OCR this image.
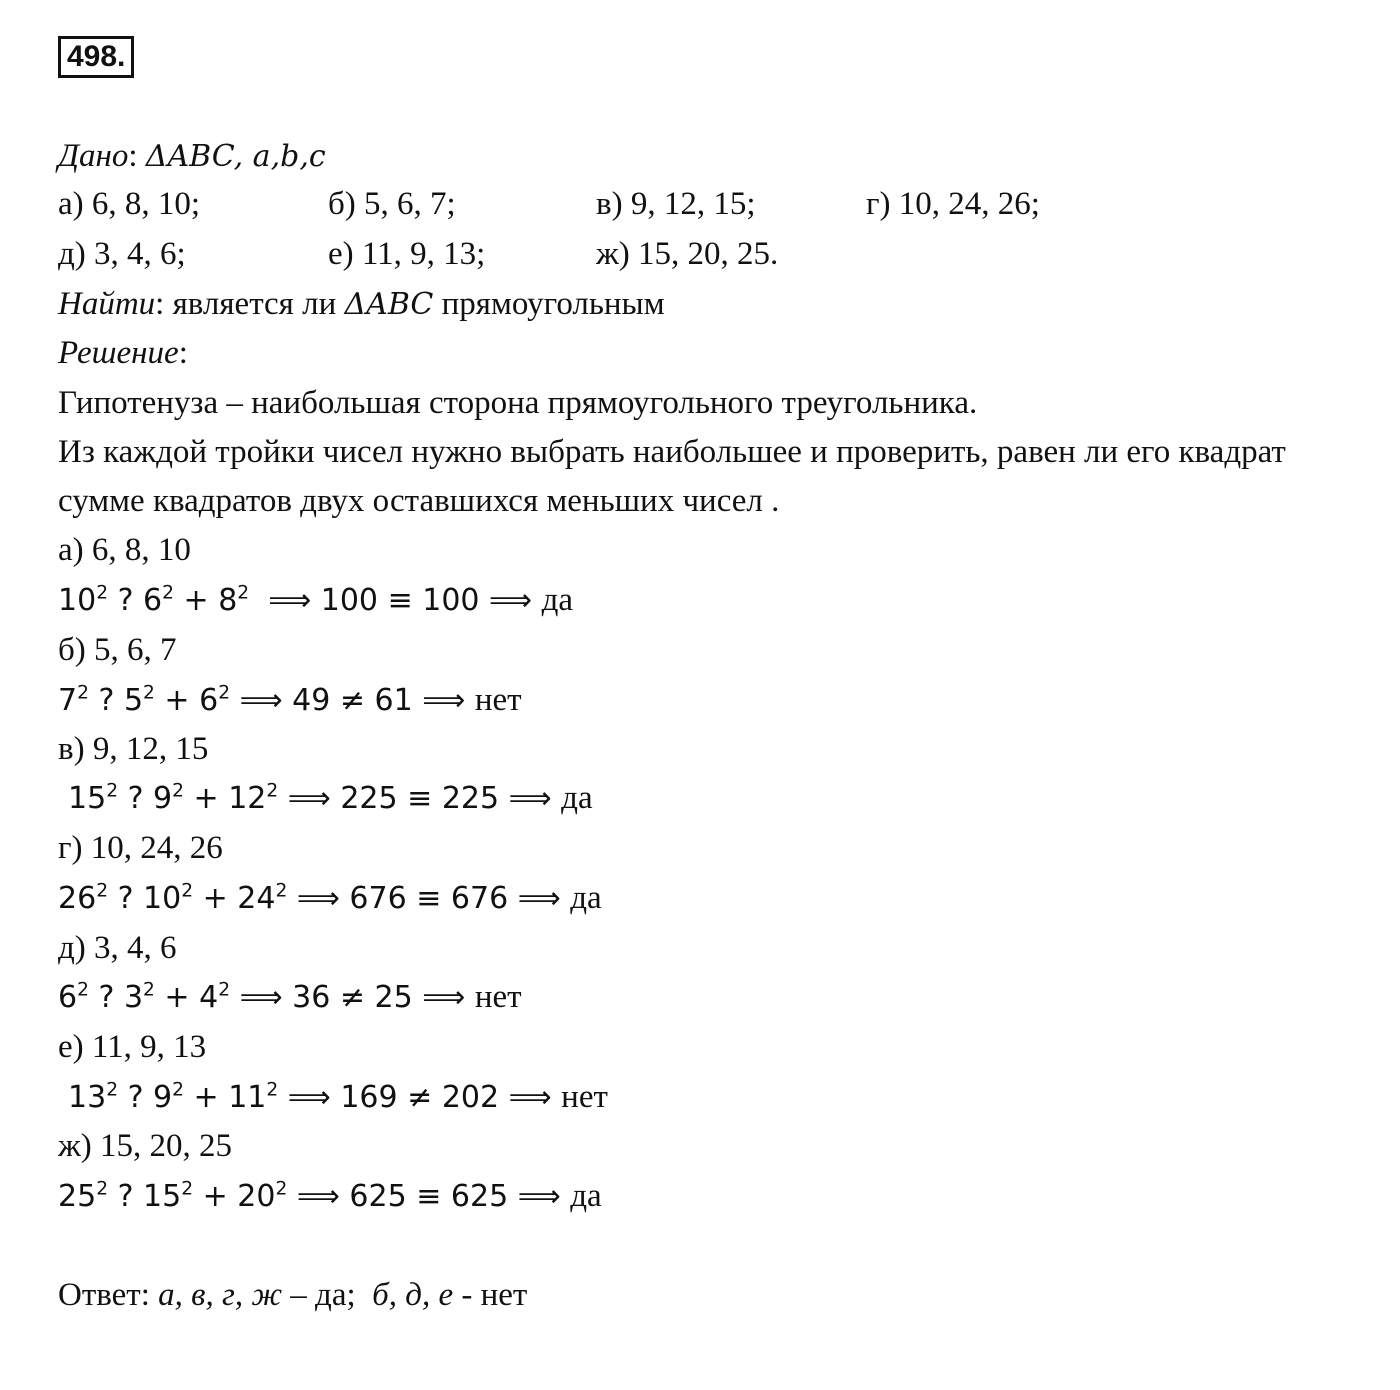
498.
Дано: ΔABC, a,b,c
а) 6, 8, 10;	б) 5, 6, 7;	в) 9, 12, 15;	г) 10, 24, 26;
д) 3, 4, 6;	е) 11, 9, 13;	ж) 15, 20, 25.
Найти: является ли ΔABC прямоугольным
Решение:
Гипотенуза – наибольшая сторона прямоугольного треугольника.
Из каждой тройки чисел нужно выбрать наибольшее и проверить, равен ли его квадрат
сумме квадратов двух оставшихся меньших чисел .
а) 6, 8, 10
$10^2$ ? $6^2 + 8^2$  ⟹ 100 ≡ 100 ⟹ да
б) 5, 6, 7
$7^2$ ? $5^2 + 6^2$ ⟹ 49 ≠ 61 ⟹ нет
в) 9, 12, 15
$15^2$ ? $9^2 + 12^2$ ⟹ 225 ≡ 225 ⟹ да
г) 10, 24, 26
$26^2$ ? $10^2 + 24^2$ ⟹ 676 ≡ 676 ⟹ да
д) 3, 4, 6
$6^2$ ? $3^2 + 4^2$ ⟹ 36 ≠ 25 ⟹ нет
е) 11, 9, 13
$13^2$ ? $9^2 + 11^2$ ⟹ 169 ≠ 202 ⟹ нет
ж) 15, 20, 25
$25^2$ ? $15^2 + 20^2$ ⟹ 625 ≡ 625 ⟹ да
Ответ: а, в, г, ж – да;  б, д, е - нет
